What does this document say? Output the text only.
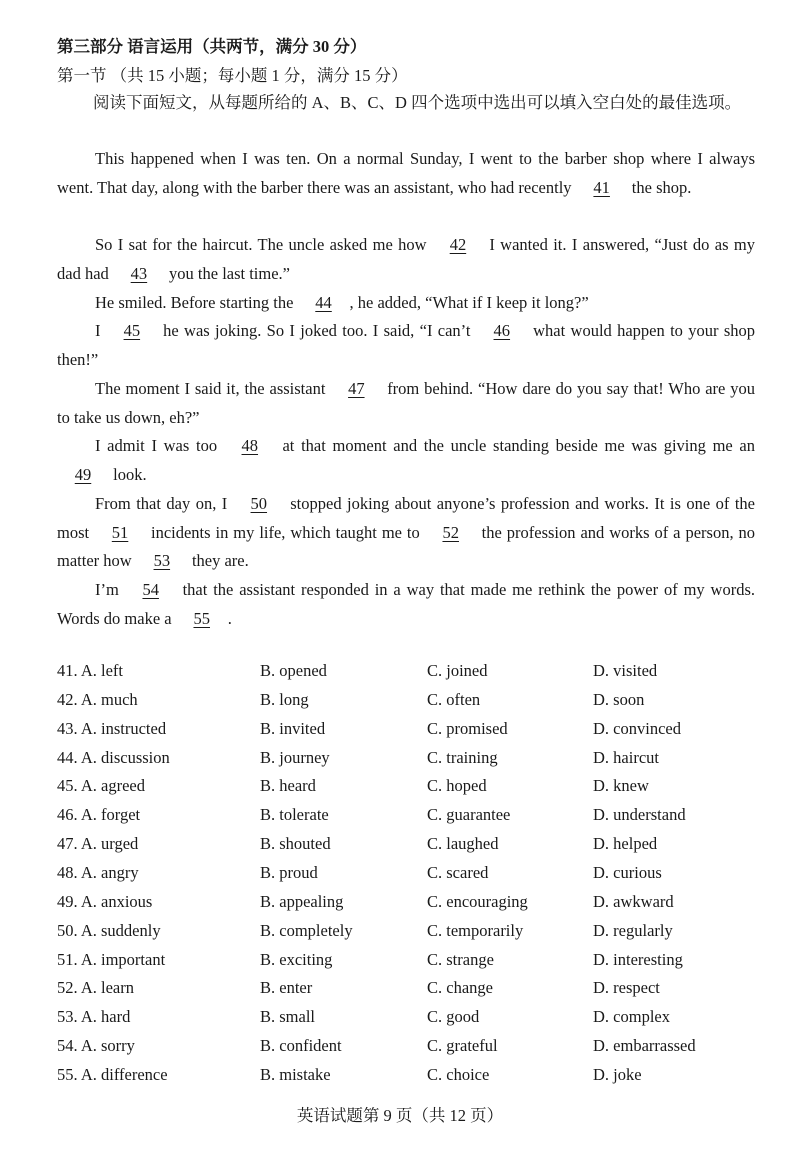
第三部分 语言运用（共两节，满分 30 分）
第一节 （共 15 小题；每小题 1 分，满分 15 分）
阅读下面短文，从每题所给的 A、B、C、D 四个选项中选出可以填入空白处的最佳选项。
This happened when I was ten. On a normal Sunday, I went to the barber shop where I always went. That day, along with the barber there was an assistant, who had recently 41 the shop.
So I sat for the haircut. The uncle asked me how 42 I wanted it. I answered, “Just do as my dad had 43 you the last time.”
He smiled. Before starting the 44 , he added, “What if I keep it long?”
I 45 he was joking. So I joked too. I said, “I can’t 46 what would happen to your shop then!”
The moment I said it, the assistant 47 from behind. “How dare do you say that! Who are you to take us down, eh?”
I admit I was too 48 at that moment and the uncle standing beside me was giving me an 49 look.
From that day on, I 50 stopped joking about anyone’s profession and works. It is one of the most 51 incidents in my life, which taught me to 52 the profession and works of a person, no matter how 53 they are.
I’m 54 that the assistant responded in a way that made me rethink the power of my words. Words do make a 55 .
41. A. left	B. opened	C. joined	D. visited
42. A. much	B. long	C. often	D. soon
43. A. instructed	B. invited	C. promised	D. convinced
44. A. discussion	B. journey	C. training	D. haircut
45. A. agreed	B. heard	C. hoped	D. knew
46. A. forget	B. tolerate	C. guarantee	D. understand
47. A. urged	B. shouted	C. laughed	D. helped
48. A. angry	B. proud	C. scared	D. curious
49. A. anxious	B. appealing	C. encouraging	D. awkward
50. A. suddenly	B. completely	C. temporarily	D. regularly
51. A. important	B. exciting	C. strange	D. interesting
52. A. learn	B. enter	C. change	D. respect
53. A. hard	B. small	C. good	D. complex
54. A. sorry	B. confident	C. grateful	D. embarrassed
55. A. difference	B. mistake	C. choice	D. joke
英语试题第 9 页（共 12 页）
